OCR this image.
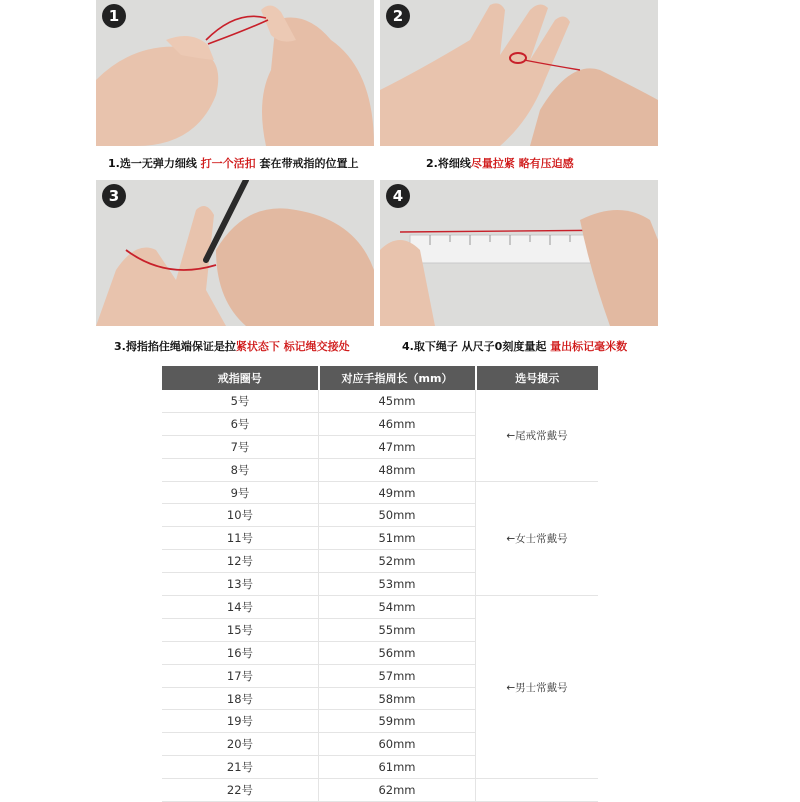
1	2
1.选一无弹力细线 打一个活扣 套在带戒指的位置上	2.将细线尽量拉紧 略有压迫感
3	4
3.拇指掐住绳端保证是拉紧状态下 标记绳交接处	4.取下绳子 从尺子0刻度量起 量出标记毫米数
戒指圈号	对应手指周长（mm）	选号提示
5号	45mm	←尾戒常戴号
6号	46mm	
7号	47mm	
8号	48mm	
9号	49mm	←女士常戴号
10号	50mm	
11号	51mm	
12号	52mm	
13号	53mm	
14号	54mm	←男士常戴号
15号	55mm	
16号	56mm	
17号	57mm	
18号	58mm	
19号	59mm	
20号	60mm	
21号	61mm	
22号	62mm	
